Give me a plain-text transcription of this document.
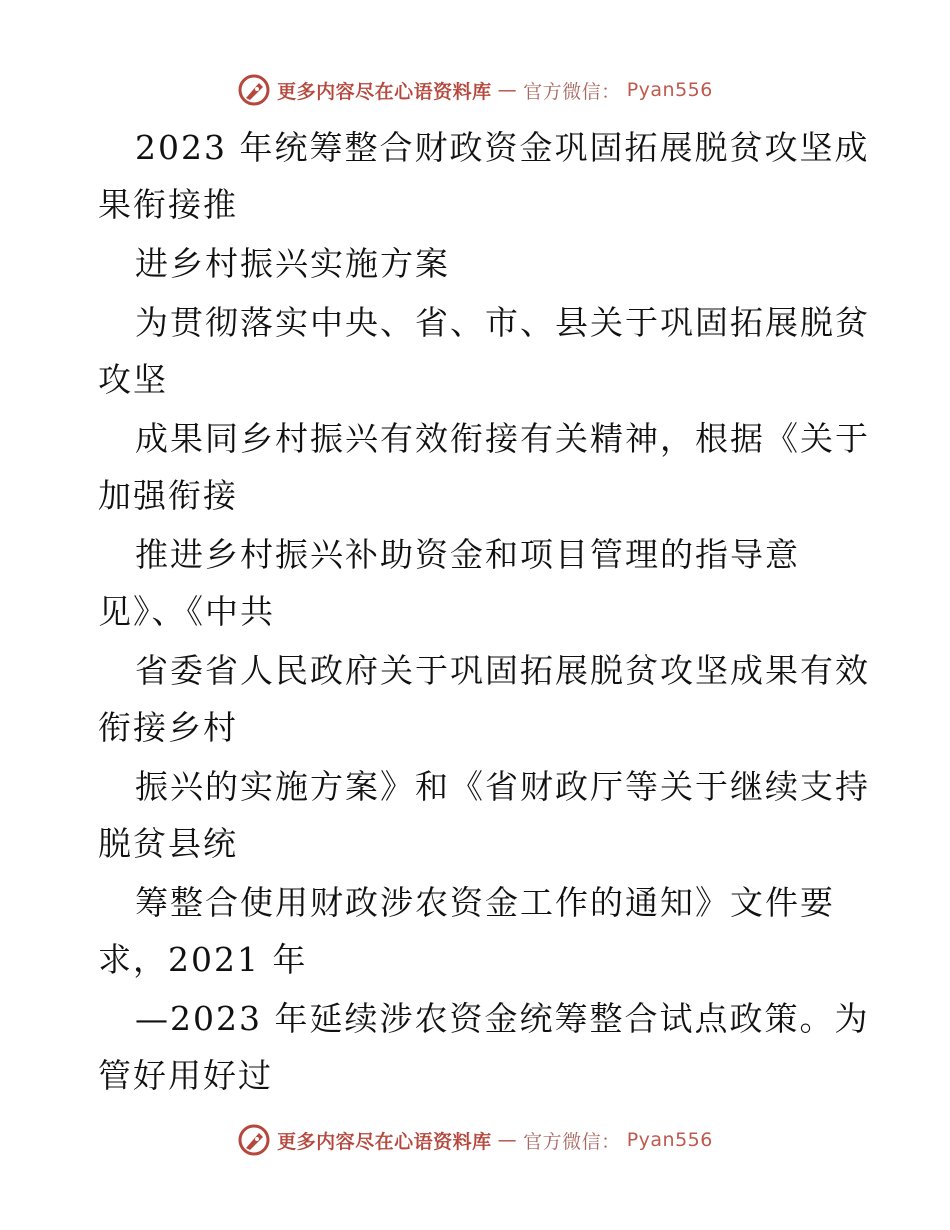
更多内容尽在心语资料库 — 官方微信： Pyan556
2023 年统筹整合财政资金巩固拓展脱贫攻坚成
果衔接推
进乡村振兴实施方案
为贯彻落实中央、省、市、县关于巩固拓展脱贫
攻坚
成果同乡村振兴有效衔接有关精神，根据《关于
加强衔接
推进乡村振兴补助资金和项目管理的指导意
见》、《中共
省委省人民政府关于巩固拓展脱贫攻坚成果有效
衔接乡村
振兴的实施方案》和《省财政厅等关于继续支持
脱贫县统
筹整合使用财政涉农资金工作的通知》文件要
求，2021 年
—2023 年延续涉农资金统筹整合试点政策。为
管好用好过
更多内容尽在心语资料库 — 官方微信： Pyan556
